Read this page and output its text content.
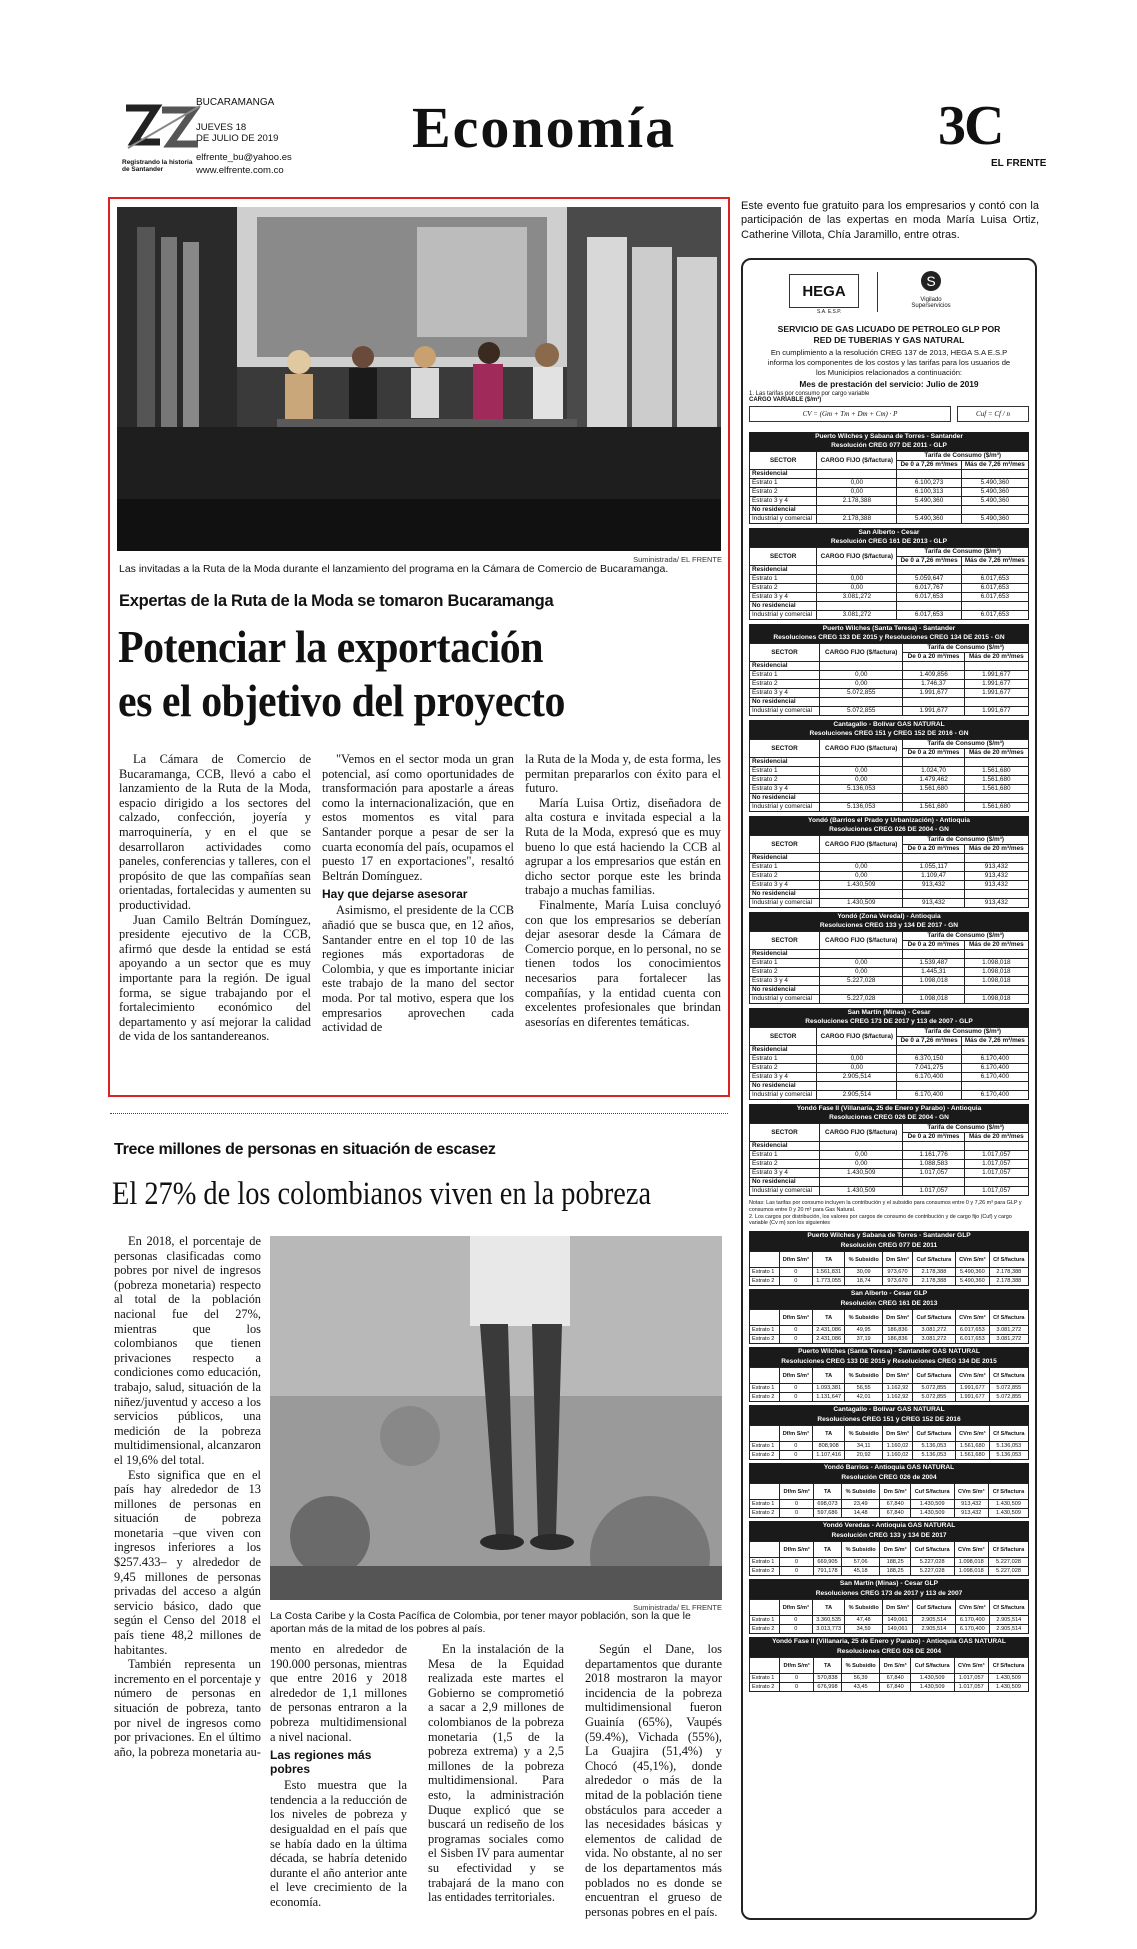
Registrando la historia
de Santander
BUCARAMANGA
JUEVES 18
DE JULIO DE 2019
elfrente_bu@yahoo.es
www.elfrente.com.co
Economía	3C
EL FRENTE
Suministrada/ EL FRENTE
Las invitadas a la Ruta de la Moda durante el lanzamiento del programa en la Cámara de Comercio de Bucaramanga.
Expertas de la Ruta de la Moda se tomaron Bucaramanga
Potenciar la exportación
es el objetivo del proyecto

La Cámara de Comercio de Bucaramanga, CCB, llevó a cabo el lanzamiento de la Ruta de la Moda, espacio dirigido a los sectores del calzado, confección, joyería y marroquinería, y en el que se desarrollaron actividades como paneles, conferencias y talleres, con el propósito de que las compañías sean orientadas, fortalecidas y aumenten su productividad.

Juan Camilo Beltrán Domínguez, presidente ejecutivo de la CCB, afirmó que desde la entidad se está apoyando a un sector que es muy importante para la región. De igual forma, se sigue trabajando por el fortalecimiento económico del departamento y así mejorar la calidad de vida de los santandereanos.

"Vemos en el sector moda un gran potencial, así como oportunidades de transformación para apostarle a áreas como la internacionalización, que en estos momentos es vital para Santander porque a pesar de ser la cuarta economía del país, ocupamos el puesto 17 en exportaciones", resaltó Beltrán Domínguez.

Hay que dejarse asesorar

Asimismo, el presidente de la CCB añadió que se busca que, en 12 años, Santander entre en el top 10 de las regiones más exportadoras de Colombia, y que es importante iniciar este trabajo de la mano del sector moda. Por tal motivo, espera que los empresarios aprovechen cada actividad de

la Ruta de la Moda y, de esta forma, les permitan prepararlos con éxito para el futuro.

María Luisa Ortiz, diseñadora de alta costura e invitada especial a la Ruta de la Moda, expresó que es muy bueno lo que está haciendo la CCB al agrupar a los empresarios que están en dicho sector porque este les brinda trabajo a muchas familias.

Finalmente, María Luisa concluyó con que los empresarios se deberían dejar asesorar desde la Cámara de Comercio porque, en lo personal, no se tienen todos los conocimientos necesarios para fortalecer las compañías, y la entidad cuenta con excelentes profesionales que brindan asesorías en diferentes temáticas.

Este evento fue gratuito para los empresarios y contó con la participación de las expertas en moda María Luisa Ortiz, Catherine Villota, Chía Jaramillo, entre otras.
Trece millones de personas en situación de escasez
El 27% de los colombianos viven en la pobreza

En 2018, el porcentaje de personas clasificadas como pobres por nivel de ingresos (pobreza monetaria) respecto al total de la población nacional fue del 27%, mientras que los colombianos que tienen privaciones respecto a condiciones como educación, trabajo, salud, situación de la niñez/juventud y acceso a los servicios públicos, una medición de la pobreza multidimensional, alcanzaron el 19,6% del total.

Esto significa que en el país hay alrededor de 13 millones de personas en situación de pobreza monetaria –que viven con ingresos inferiores a los $257.433– y alrededor de 9,45 millones de personas privadas del acceso a algún servicio básico, dado que según el Censo del 2018 el país tiene 48,2 millones de habitantes.

También representa un incremento en el porcentaje y número de personas en situación de pobreza, tanto por nivel de ingresos como por privaciones. En el último año, la pobreza monetaria au-

Suministrada/ EL FRENTE
La Costa Caribe y la Costa Pacífica de Colombia, por tener mayor población, son la que le aportan más de la mitad de los pobres al país.

mento en alrededor de 190.000 personas, mientras que entre 2016 y 2018 alrededor de 1,1 millones de personas entraron a la pobreza multidimensional a nivel nacional.

Las regiones más pobres

Esto muestra que la tendencia a la reducción de los niveles de pobreza y desigualdad en el país que se había dado en la última década, se habría detenido durante el año anterior ante el leve crecimiento de la economía.

En la instalación de la Mesa de la Equidad realizada este martes el Gobierno se comprometió a sacar a 2,9 millones de colombianos de la pobreza monetaria (1,5 de la pobreza extrema) y a 2,5 millones de la pobreza multidimensional. Para esto, la administración Duque explicó que se buscará un rediseño de los programas sociales como el Sisben IV para aumentar su efectividad y se trabajará de la mano con las entidades territoriales.

Según el Dane, los departamentos que durante 2018 mostraron la mayor incidencia de la pobreza multidimensional fueron Guainía (65%), Vaupés (59.4%), Vichada (55%), La Guajira (51,4%) y Chocó (45,1%), donde alrededor o más de la mitad de la población tiene obstáculos para acceder a las necesidades básicas y elementos de calidad de vida. No obstante, al no ser de los departamentos más poblados no es donde se encuentran el grueso de personas pobres en el país.

HEGA
S.A. E.S.P.
S
Vigilado
Superservicios
SERVICIO DE GAS LICUADO DE PETROLEO GLP POR
RED DE TUBERIAS Y GAS NATURAL
En cumplimiento a la resolución CREG 137 de 2013, HEGA S.A E.S.P
informa los componentes de los costos y las tarifas para los usuarios de
los Municipios relacionados a continuación:
Mes de prestación del servicio: Julio de 2019
1. Las tarifas por consumo por cargo variable
CARGO VARIABLE ($/m³)
CV = (Gm + Tm + Dm + Cm) · P	Cuf = Cf / n
Puerto Wilches y Sabana de Torres - Santander
Resolución CREG 077 DE 2011 - GLP
SECTOR	CARGO FIJO ($/factura)	Tarifa de Consumo ($/m³)	
		De 0 a 7,26 m³/mes	Más de 7,26 m³/mes
Residencial			
Estrato 1	0,00	6.100,273	5.490,360
Estrato 2	0,00	6.100,313	5.490,360
Estrato 3 y 4	2.178,388	5.490,360	5.490,360
No residencial			
Industrial y comercial	2.178,388	5.490,360	5.490,360
San Alberto - Cesar
Resolución CREG 161 DE 2013 - GLP
SECTOR	CARGO FIJO ($/factura)	Tarifa de Consumo ($/m³)	
		De 0 a 7,26 m³/mes	Más de 7,26 m³/mes
Residencial			
Estrato 1	0,00	5.059,647	6.017,653
Estrato 2	0,00	6.017,767	6.017,653
Estrato 3 y 4	3.081,272	6.017,653	6.017,653
No residencial			
Industrial y comercial	3.081,272	6.017,653	6.017,653
Puerto Wilches (Santa Teresa) - Santander
Resoluciones CREG 133 DE 2015 y Resoluciones CREG 134 DE 2015 - GN
SECTOR	CARGO FIJO ($/factura)	Tarifa de Consumo ($/m³)	
		De 0 a 20 m³/mes	Más de 20 m³/mes
Residencial			
Estrato 1	0,00	1.409,856	1.991,677
Estrato 2	0,00	1.746,37	1.991,677
Estrato 3 y 4	5.072,855	1.991,677	1.991,677
No residencial			
Industrial y comercial	5.072,855	1.991,677	1.991,677
Cantagallo - Bolívar GAS NATURAL
Resoluciones CREG 151 y CREG 152 DE 2016 - GN
SECTOR	CARGO FIJO ($/factura)	Tarifa de Consumo ($/m³)	
		De 0 a 20 m³/mes	Más de 20 m³/mes
Residencial			
Estrato 1	0,00	1.024,70	1.561,680
Estrato 2	0,00	1.479,462	1.561,680
Estrato 3 y 4	5.136,053	1.561,680	1.561,680
No residencial			
Industrial y comercial	5.136,053	1.561,680	1.561,680
Yondó (Barrios el Prado y Urbanización) - Antioquia
Resoluciones CREG 026 DE 2004 - GN
SECTOR	CARGO FIJO ($/factura)	Tarifa de Consumo ($/m³)	
		De 0 a 20 m³/mes	Más de 20 m³/mes
Residencial			
Estrato 1	0,00	1.055,117	913,432
Estrato 2	0,00	1.109,47	913,432
Estrato 3 y 4	1.430,509	913,432	913,432
No residencial			
Industrial y comercial	1.430,509	913,432	913,432
Yondó (Zona Veredal) - Antioquia
Resoluciones CREG 133 y 134 DE 2017 - GN
SECTOR	CARGO FIJO ($/factura)	Tarifa de Consumo ($/m³)	
		De 0 a 20 m³/mes	Más de 20 m³/mes
Residencial			
Estrato 1	0,00	1.539,487	1.098,018
Estrato 2	0,00	1.445,31	1.098,018
Estrato 3 y 4	5.227,028	1.098,018	1.098,018
No residencial			
Industrial y comercial	5.227,028	1.098,018	1.098,018
San Martín (Minas) - Cesar
Resoluciones CREG 173 DE 2017 y 113 de 2007 - GLP
SECTOR	CARGO FIJO ($/factura)	Tarifa de Consumo ($/m³)	
		De 0 a 7,26 m³/mes	Más de 7,26 m³/mes
Residencial			
Estrato 1	0,00	6.370,150	6.170,400
Estrato 2	0,00	7.041,275	6.170,400
Estrato 3 y 4	2.905,514	6.170,400	6.170,400
No residencial			
Industrial y comercial	2.905,514	6.170,400	6.170,400
Yondó Fase II (Villanaría, 25 de Enero y Parabo) - Antioquia
Resoluciones CREG 026 DE 2004 - GN
SECTOR	CARGO FIJO ($/factura)	Tarifa de Consumo ($/m³)	
		De 0 a 20 m³/mes	Más de 20 m³/mes
Residencial			
Estrato 1	0,00	1.161,776	1.017,057
Estrato 2	0,00	1.088,583	1.017,057
Estrato 3 y 4	1.430,509	1.017,057	1.017,057
No residencial			
Industrial y comercial	1.430,509	1.017,057	1.017,057
Notas: Las tarifas por consumo incluyen la contribución y el subsidio para consumos entre 0 y 7,26 m³ para GLP y consumos entre 0 y 20 m³ para Gas Natural.
2. Los cargos por distribución, los valores por cargos de consumo de contribución y de cargo fijo (Cuf) y cargo variable (Cv m) son los siguientes
Puerto Wilches y Sabana de Torres - Santander GLP
Resolución CREG 077 DE 2011
	Df/m S/m³	TA	% Subsidio	Dm S/m³	Cuf S/factura	CVm S/m³	Cf S/factura
Estrato 1	0	1.561,831	30,09	973,670	2.178,388	5.490,360	2.178,388
Estrato 2	0	1.773,055	18,74	973,670	2.178,388	5.490,360	2.178,388
San Alberto - Cesar GLP
Resolución CREG 161 DE 2013
	Df/m S/m³	TA	% Subsidio	Dm S/m³	Cuf S/factura	CVm S/m³	Cf S/factura
Estrato 1	0	2.431,086	49,95	186,836	3.081,272	6.017,653	3.081,272
Estrato 2	0	2.431,086	37,19	186,836	3.081,272	6.017,653	3.081,272
Puerto Wilches (Santa Teresa) - Santander GAS NATURAL
Resoluciones CREG 133 DE 2015 y Resoluciones CREG 134 DE 2015
	Df/m S/m³	TA	% Subsidio	Dm S/m³	Cuf S/factura	CVm S/m³	Cf S/factura
Estrato 1	0	1.093,381	56,55	1.162,92	5.072,855	1.991,677	5.072,855
Estrato 2	0	1.131,647	42,01	1.162,92	5.072,855	1.991,677	5.072,855
Cantagallo - Bolívar GAS NATURAL
Resoluciones CREG 151 y CREG 152 DE 2016
	Df/m S/m³	TA	% Subsidio	Dm S/m³	Cuf S/factura	CVm S/m³	Cf S/factura
Estrato 1	0	808,908	34,11	1.160,02	5.136,053	1.561,680	5.136,053
Estrato 2	0	1.107,416	20,92	1.160,02	5.136,053	1.561,680	5.136,053
Yondó Barrios - Antioquia GAS NATURAL
Resolución CREG 026 de 2004
	Df/m S/m³	TA	% Subsidio	Dm S/m³	Cuf S/factura	CVm S/m³	Cf S/factura
Estrato 1	0	698,073	23,49	67,840	1.430,509	913,432	1.430,509
Estrato 2	0	597,686	14,48	67,840	1.430,509	913,432	1.430,509
Yondó Veredas - Antioquia GAS NATURAL
Resolución CREG 133 y 134 DE 2017
	Df/m S/m³	TA	% Subsidio	Dm S/m³	Cuf S/factura	CVm S/m³	Cf S/factura
Estrato 1	0	669,905	57,06	188,25	5.227,028	1.098,018	5.227,028
Estrato 2	0	791,178	45,18	188,25	5.227,028	1.098,018	5.227,028
San Martín (Minas) - Cesar GLP
Resoluciones CREG 173 de 2017 y 113 de 2007
	Df/m S/m³	TA	% Subsidio	Dm S/m³	Cuf S/factura	CVm S/m³	Cf S/factura
Estrato 1	0	3.360,535	47,48	149,061	2.905,514	6.170,400	2.905,514
Estrato 2	0	3.013,773	34,59	149,061	2.905,514	6.170,400	2.905,514
Yondó Fase II (Villanaria, 25 de Enero y Parabo) - Antioquia GAS NATURAL
Resoluciones CREG 026 DE 2004
	Df/m S/m³	TA	% Subsidio	Dm S/m³	Cuf S/factura	CVm S/m³	Cf S/factura
Estrato 1	0	570,838	56,39	67,840	1.430,509	1.017,057	1.430,509
Estrato 2	0	676,998	43,45	67,840	1.430,509	1.017,057	1.430,509
